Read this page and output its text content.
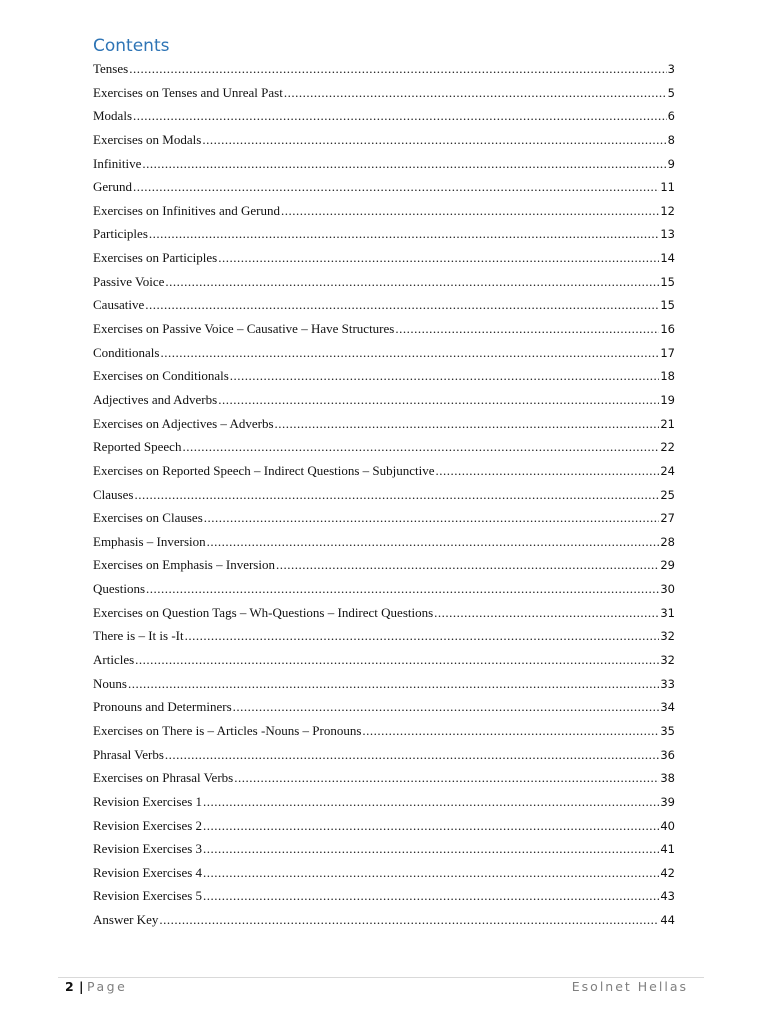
Contents
Tenses .....	3
Exercises on Tenses and Unreal Past .....	5
Modals .....	6
Exercises on Modals .....	8
Infinitive .....	9
Gerund .....	11
Exercises on Infinitives and Gerund .....	12
Participles .....	13
Exercises on Participles .....	14
Passive Voice .....	15
Causative .....	15
Exercises on Passive Voice – Causative – Have Structures .....	16
Conditionals .....	17
Exercises on Conditionals .....	18
Adjectives and Adverbs .....	19
Exercises on Adjectives – Adverbs .....	21
Reported Speech .....	22
Exercises on Reported Speech – Indirect Questions – Subjunctive .....	24
Clauses .....	25
Exercises on Clauses .....	27
Emphasis – Inversion .....	28
Exercises on Emphasis – Inversion .....	29
Questions .....	30
Exercises on Question Tags – Wh-Questions – Indirect Questions .....	31
There is – It is -It .....	32
Articles .....	32
Nouns .....	33
Pronouns and Determiners .....	34
Exercises on There is – Articles -Nouns – Pronouns .....	35
Phrasal Verbs .....	36
Exercises on Phrasal Verbs .....	38
Revision Exercises 1 .....	39
Revision Exercises 2 .....	40
Revision Exercises 3 .....	41
Revision Exercises 4 .....	42
Revision Exercises 5 .....	43
Answer Key .....	44
2 | Page	Esolnet Hellas
